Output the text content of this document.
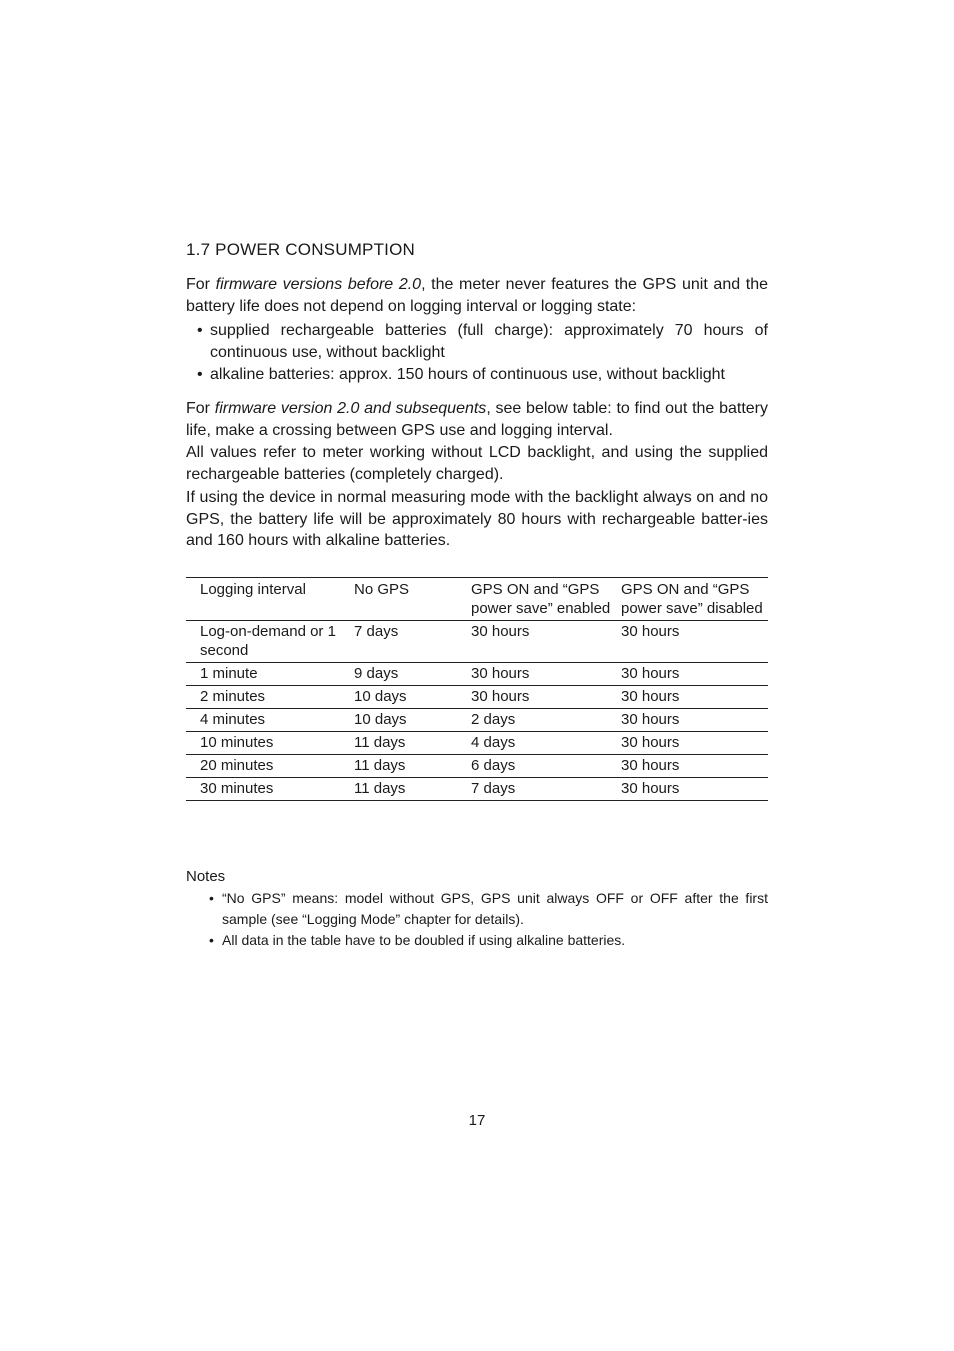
1.7 POWER CONSUMPTION
For firmware versions before 2.0, the meter never features the GPS unit and the battery life does not depend on logging interval or logging state:
• supplied rechargeable batteries (full charge): approximately 70 hours of continuous use, without backlight
• alkaline batteries: approx. 150 hours of continuous use, without backlight
For firmware version 2.0 and subsequents, see below table: to find out the battery life, make a crossing between GPS use and logging interval.
All values refer to meter working without LCD backlight, and using the supplied rechargeable batteries (completely charged).
If using the device in normal measuring mode with the backlight always on and no GPS, the battery life will be approximately 80 hours with rechargeable batter-ies and 160 hours with alkaline batteries.
Logging interval	No GPS	GPS ON and “GPS power save” enabled	GPS ON and “GPS power save” disabled
Log-on-demand or 1 second	7 days	30 hours	30 hours
1 minute	9 days	30 hours	30 hours
2 minutes	10 days	30 hours	30 hours
4 minutes	10 days	2 days	30 hours
10 minutes	11 days	4 days	30 hours
20 minutes	11 days	6 days	30 hours
30 minutes	11 days	7 days	30 hours
Notes
• “No GPS” means: model without GPS, GPS unit always OFF or OFF after the first sample (see “Logging Mode” chapter for details).
• All data in the table have to be doubled if using alkaline batteries.
17
